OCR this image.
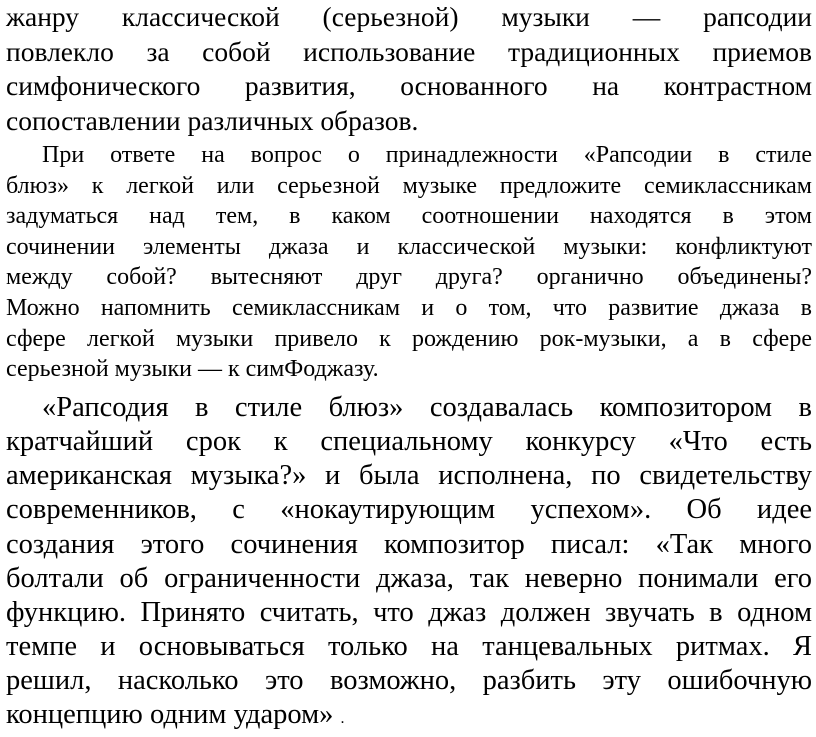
жанру классической (серьезной) музыки — рапсодии
повлекло за собой использование традиционных приемов
симфонического развития, основанного на контрастном
сопоставлении различных образов.
При ответе на вопрос о принадлежности «Рапсодии в стиле
блюз» к легкой или серьезной музыке предложите семиклассникам
задуматься над тем, в каком соотношении находятся в этом
сочинении элементы джаза и классической музыки: конфликтуют
между собой? вытесняют друг друга? органично объединены?
Можно напомнить семиклассникам и о том, что развитие джаза в
сфере легкой музыки привело к рождению рок-музыки, а в сфере
серьезной музыки — к симФоджазу.
«Рапсодия в стиле блюз» создавалась композитором в
кратчайший срок к специальному конкурсу «Что есть
американская музыка?» и была исполнена, по свидетельству
современников, с «нокаутирующим успехом». Об идее
создания этого сочинения композитор писал: «Так много
болтали об ограниченности джаза, так неверно понимали его
функцию. Принято считать, что джаз должен звучать в одном
темпе и основываться только на танцевальных ритмах. Я
решил, насколько это возможно, разбить эту ошибочную
концепцию одним ударом» .
